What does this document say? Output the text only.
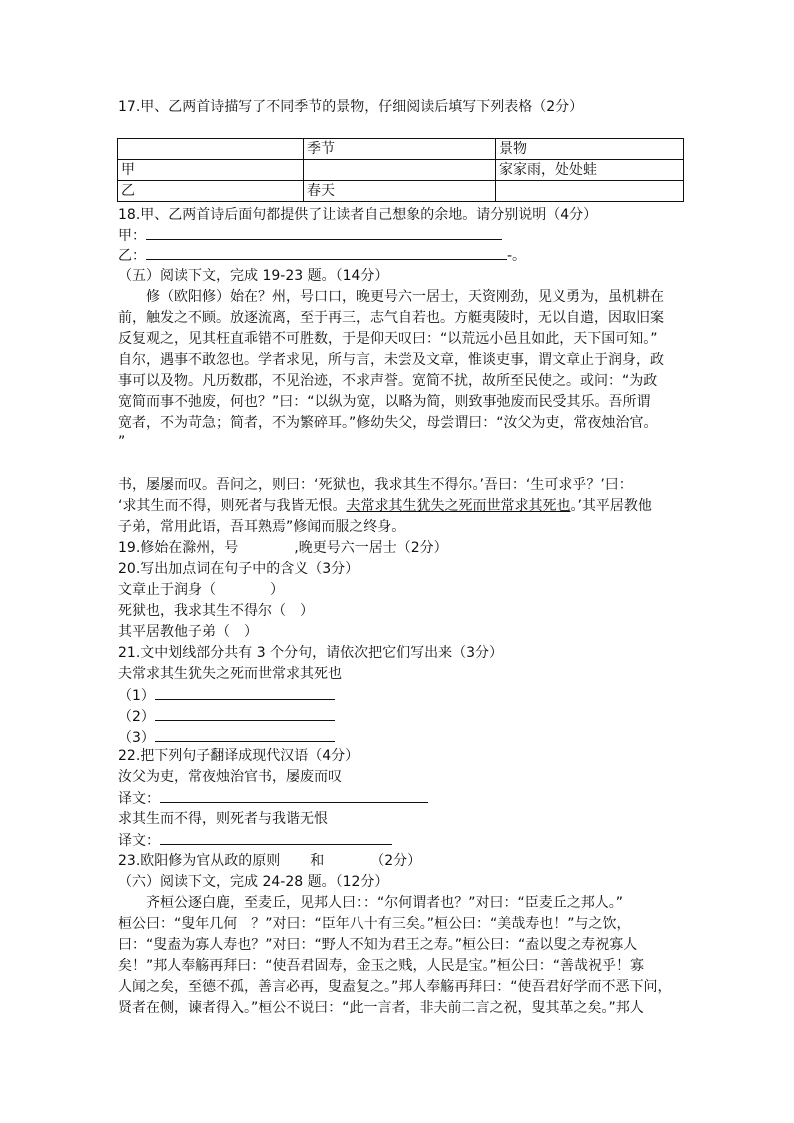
17.甲、乙两首诗描写了不同季节的景物，仔细阅读后填写下列表格（2分）

	季节	景物
甲		家家雨，处处蛙
乙	春天	

18.甲、乙两首诗后面句都提供了让读者自己想象的余地。请分别说明（4分）

甲：

乙：	-。

（五）阅读下文，完成 19-23 题。（14分）

修（欧阳修）始在？州，号口口，晚更号六一居士，天资刚劲，见义勇为，虽机耕在

前，触发之不顾。放逐流离，至于再三，志气自若也。方艇夷陵时，无以自遣，因取旧案

反复观之，见其枉直乖错不可胜数，于是仰天叹曰：“以荒远小邑且如此，天下国可知。”

自尔，遇事不敢忽也。学者求见，所与言，未尝及文章，惟谈吏事，谓文章止于润身，政

事可以及物。凡历数郡，不见治迹，不求声誉。宽简不扰，故所至民使之。或问：“为政

宽简而事不弛废，何也？”曰：“以纵为宽，以略为简，则致事弛废而民受其乐。吾所谓

宽者，不为苛急；简者，不为繁碎耳。”修幼失父，母尝谓曰：“汝父为吏，常夜烛治官。

”

书，屡屡而叹。吾问之，则曰：‘死狱也，我求其生不得尔。’吾曰：‘生可求乎？’曰：

‘求其生而不得，则死者与我皆无恨。夫常求其生犹失之死而世常求其死也。’其平居教他

子弟，常用此语，吾耳熟焉”修闻而服之终身。

19.修始在滁州，号	,晚更号六一居士（2分）

20.写出加点词在句子中的含义（3分）

文章止于润身（	）

死狱也，我求其生不得尔（ ）

其平居教他子弟（ ）

21.文中划线部分共有 3 个分句，请依次把它们写出来（3分）

夫常求其生犹失之死而世常求其死也

（1）

（2）

（3）

22.把下列句子翻译成现代汉语（4分）

汝父为吏，常夜烛治官书，屡废而叹

译文：

求其生而不得，则死者与我谐无恨

译文：

23.欧阳修为官从政的原则 和	（2分）

（六）阅读下文，完成 24-28 题。（12分）

齐桓公逐白鹿，至麦丘，见邦人曰：：“尔何谓者也？”对曰：“臣麦丘之邦人。”

桓公曰：“叟年几何　？”对曰：“臣年八十有三矣。”桓公曰：“美哉寿也！”与之饮，

曰：“叟盍为寡人寿也？”对曰：“野人不知为君王之寿。”桓公曰：“盍以叟之寿祝寡人

矣！”邦人奉觞再拜曰：“使吾君固寿，金玉之贱，人民是宝。”桓公曰：“善哉祝乎！寡

人闻之矣，至德不孤，善言必再，叟盍复之。”邦人奉觞再拜曰：“使吾君好学而不恶下问，

贤者在侧，谏者得入。”桓公不说曰：“此一言者，非夫前二言之祝，叟其革之矣。”邦人
